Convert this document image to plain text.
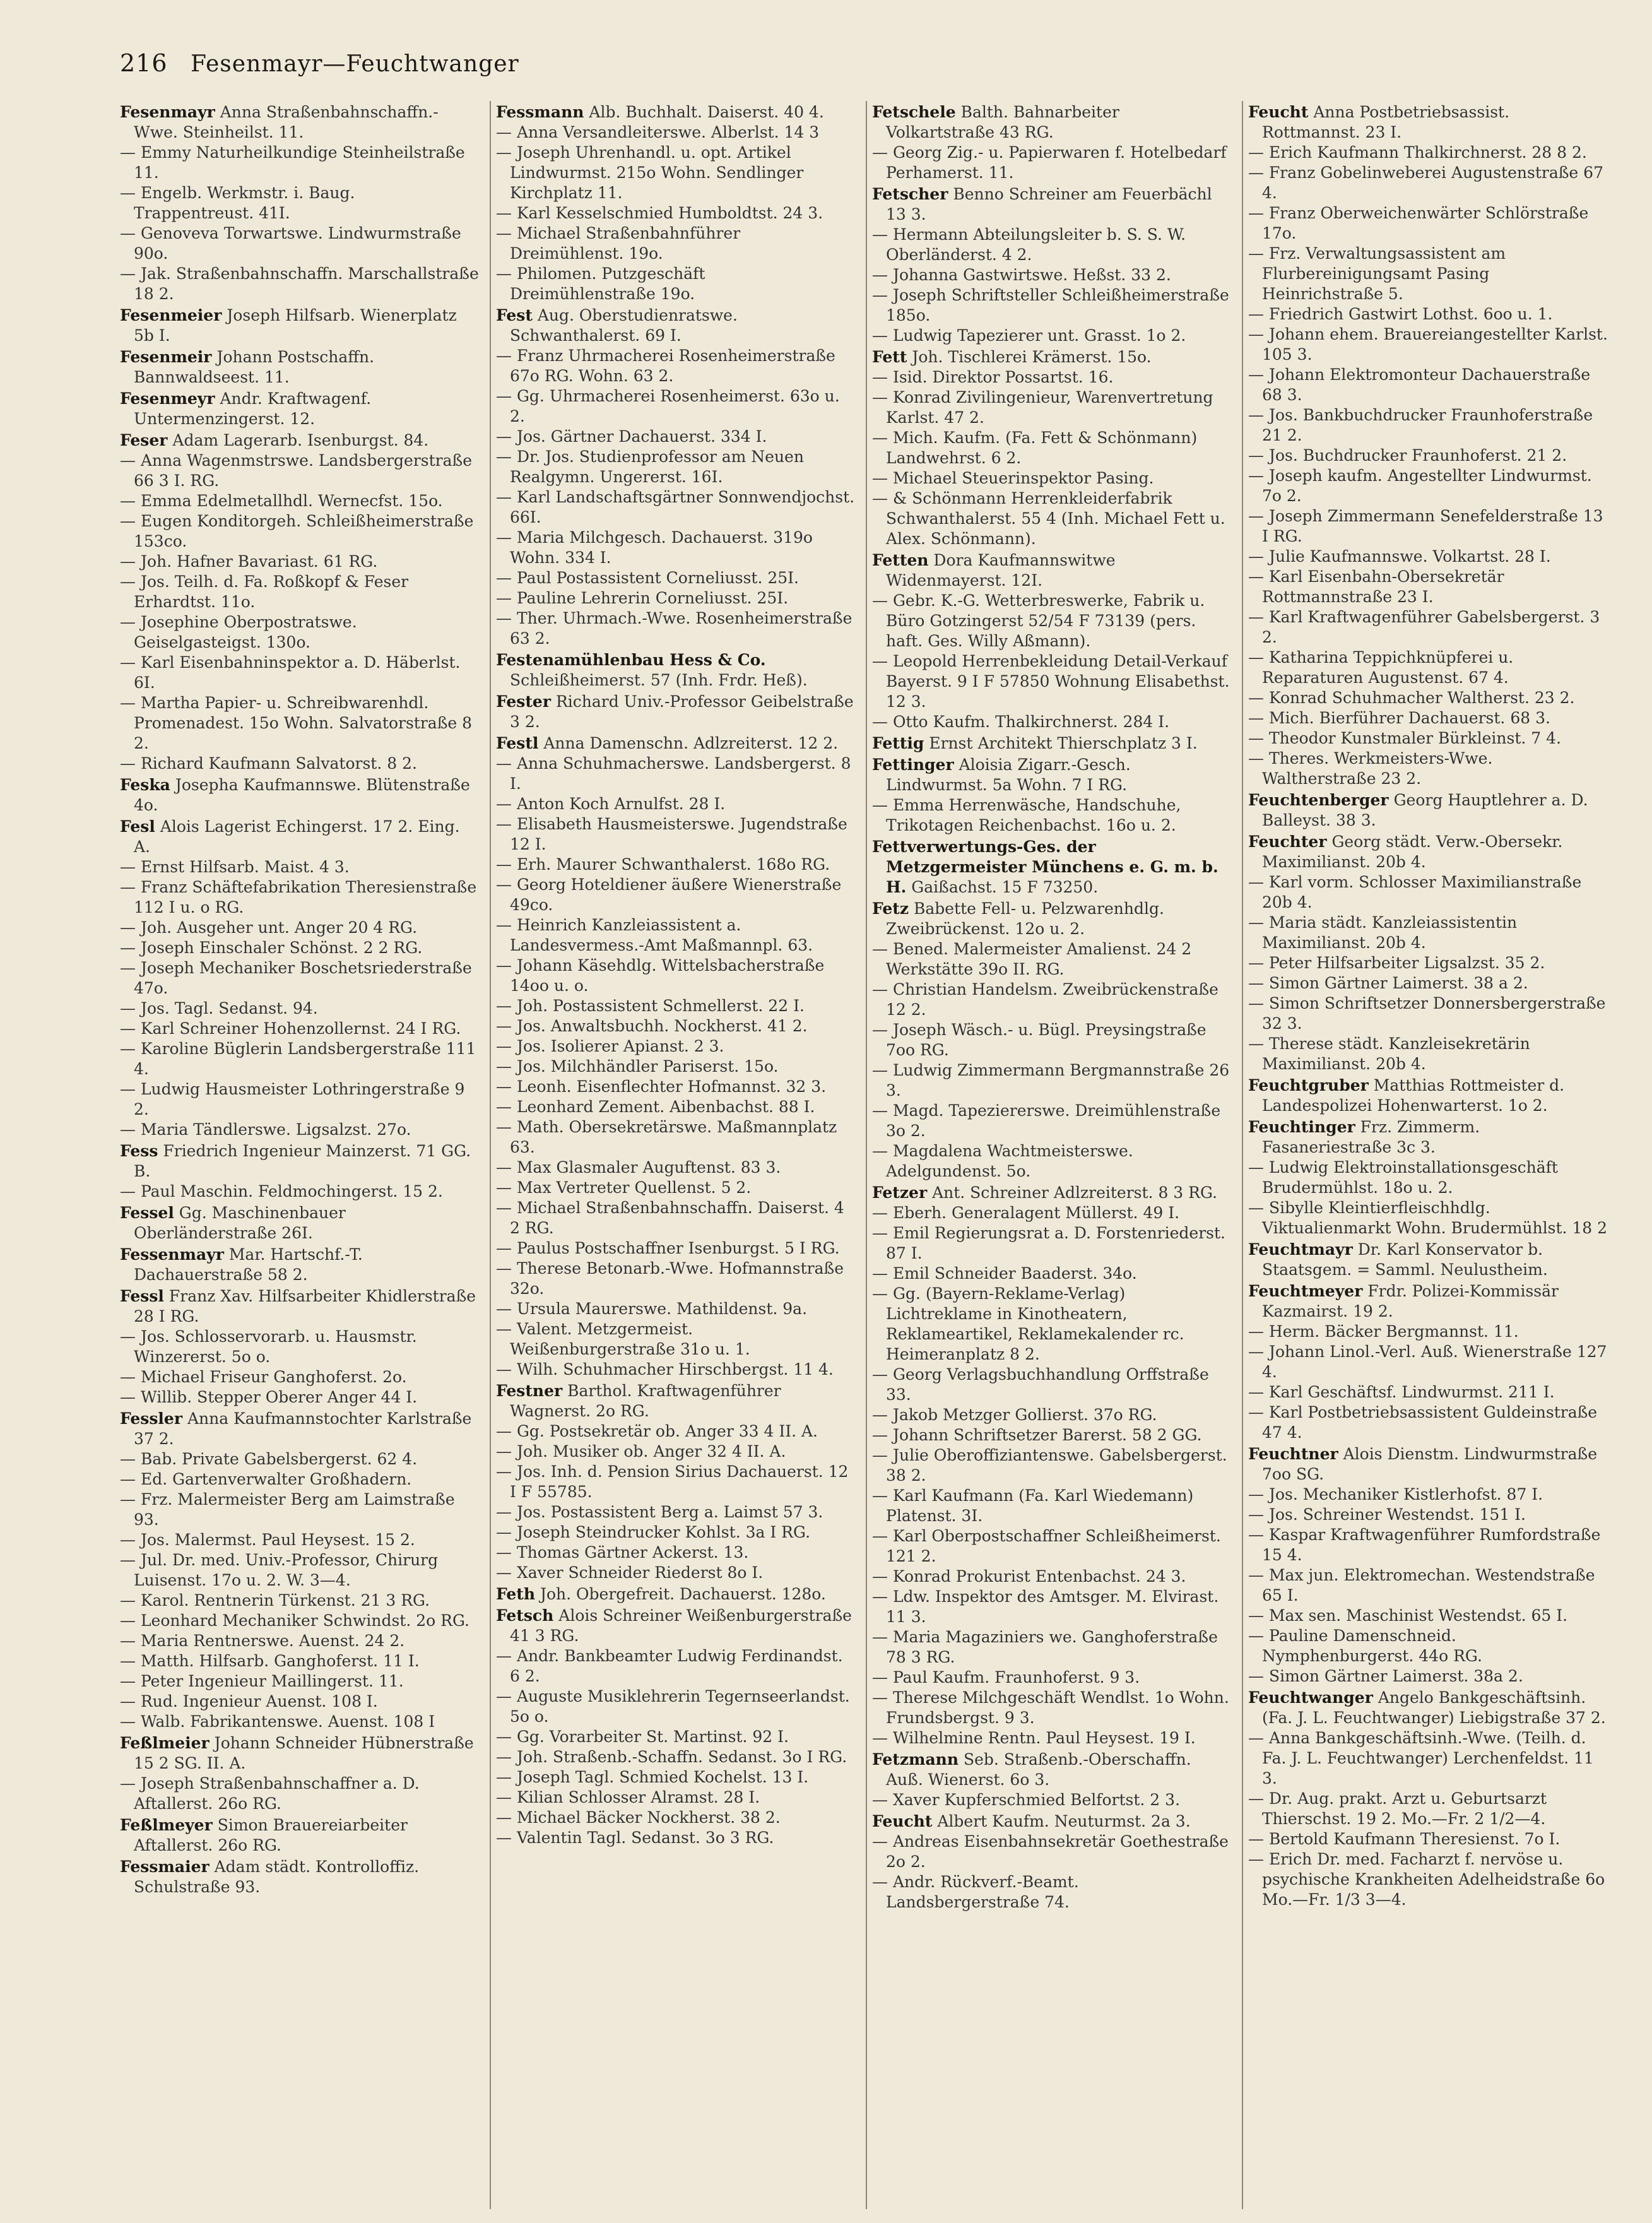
216 Fesenmayr—Feuchtwanger

Fesenmayr Anna Straßenbahnschaffn.-Wwe. Steinheilst. 11.

— Emmy Naturheilkundige Steinheilstraße 11.

— Engelb. Werkmstr. i. Baug. Trappentreust. 41I.

— Genoveva Torwartswe. Lindwurmstraße 90o.

— Jak. Straßenbahnschaffn. Marschallstraße 18 2.

Fesenmeier Joseph Hilfsarb. Wienerplatz 5b I.

Fesenmeir Johann Postschaffn. Bannwaldseest. 11.

Fesenmeyr Andr. Kraftwagenf. Untermenzingerst. 12.

Feser Adam Lagerarb. Isenburgst. 84.

— Anna Wagenmstrswe. Landsbergerstraße 66 3 I. RG.

— Emma Edelmetallhdl. Wernecfst. 15o.

— Eugen Konditorgeh. Schleißheimerstraße 153co.

— Joh. Hafner Bavariast. 61 RG.

— Jos. Teilh. d. Fa. Roßkopf & Feser Erhardtst. 11o.

— Josephine Oberpostratswe. Geiselgasteigst. 130o.

— Karl Eisenbahninspektor a. D. Häberlst. 6I.

— Martha Papier- u. Schreibwarenhdl. Promenadest. 15o Wohn. Salvatorstraße 8 2.

— Richard Kaufmann Salvatorst. 8 2.

Feska Josepha Kaufmannswe. Blütenstraße 4o.

Fesl Alois Lagerist Echingerst. 17 2. Eing. A.

— Ernst Hilfsarb. Maist. 4 3.

— Franz Schäftefabrikation Theresienstraße 112 I u. o RG.

— Joh. Ausgeher unt. Anger 20 4 RG.

— Joseph Einschaler Schönst. 2 2 RG.

— Joseph Mechaniker Boschetsriederstraße 47o.

— Jos. Tagl. Sedanst. 94.

— Karl Schreiner Hohenzollernst. 24 I RG.

— Karoline Büglerin Landsbergerstraße 111 4.

— Ludwig Hausmeister Lothringerstraße 9 2.

— Maria Tändlerswe. Ligsalzst. 27o.

Fess Friedrich Ingenieur Mainzerst. 71 GG. B.

— Paul Maschin. Feldmochingerst. 15 2.

Fessel Gg. Maschinenbauer Oberländerstraße 26I.

Fessenmayr Mar. Hartschf.-T. Dachauerstraße 58 2.

Fessl Franz Xav. Hilfsarbeiter Khidlerstraße 28 I RG.

— Jos. Schlosservorarb. u. Hausmstr. Winzererst. 5o o.

— Michael Friseur Ganghoferst. 2o.

— Willib. Stepper Oberer Anger 44 I.

Fessler Anna Kaufmannstochter Karlstraße 37 2.

— Bab. Private Gabelsbergerst. 62 4.

— Ed. Gartenverwalter Großhadern.

— Frz. Malermeister Berg am Laimstraße 93.

— Jos. Malermst. Paul Heysest. 15 2.

— Jul. Dr. med. Univ.-Professor, Chirurg Luisenst. 17o u. 2. W. 3—4.

— Karol. Rentnerin Türkenst. 21 3 RG.

— Leonhard Mechaniker Schwindst. 2o RG.

— Maria Rentnerswe. Auenst. 24 2.

— Matth. Hilfsarb. Ganghoferst. 11 I.

— Peter Ingenieur Maillingerst. 11.

— Rud. Ingenieur Auenst. 108 I.

— Walb. Fabrikantenswe. Auenst. 108 I

Feßlmeier Johann Schneider Hübnerstraße 15 2 SG. II. A.

— Joseph Straßenbahnschaffner a. D. Aftallerst. 26o RG.

Feßlmeyer Simon Brauereiarbeiter Aftallerst. 26o RG.

Fessmaier Adam städt. Kontrolloffiz. Schulstraße 93.

Fessmann Alb. Buchhalt. Daiserst. 40 4.

— Anna Versandleiterswe. Alberlst. 14 3

— Joseph Uhrenhandl. u. opt. Artikel Lindwurmst. 215o Wohn. Sendlinger Kirchplatz 11.

— Karl Kesselschmied Humboldtst. 24 3.

— Michael Straßenbahnführer Dreimühlenst. 19o.

— Philomen. Putzgeschäft Dreimühlenstraße 19o.

Fest Aug. Oberstudienratswe. Schwanthalerst. 69 I.

— Franz Uhrmacherei Rosenheimerstraße 67o RG. Wohn. 63 2.

— Gg. Uhrmacherei Rosenheimerst. 63o u. 2.

— Jos. Gärtner Dachauerst. 334 I.

— Dr. Jos. Studienprofessor am Neuen Realgymn. Ungererst. 16I.

— Karl Landschaftsgärtner Sonnwendjochst. 66I.

— Maria Milchgesch. Dachauerst. 319o Wohn. 334 I.

— Paul Postassistent Corneliusst. 25I.

— Pauline Lehrerin Corneliusst. 25I.

— Ther. Uhrmach.-Wwe. Rosenheimerstraße 63 2.

Festenamühlenbau Hess & Co. Schleißheimerst. 57 (Inh. Frdr. Heß).

Fester Richard Univ.-Professor Geibelstraße 3 2.

Festl Anna Damenschn. Adlzreiterst. 12 2.

— Anna Schuhmacherswe. Landsbergerst. 8 I.

— Anton Koch Arnulfst. 28 I.

— Elisabeth Hausmeisterswe. Jugendstraße 12 I.

— Erh. Maurer Schwanthalerst. 168o RG.

— Georg Hoteldiener äußere Wienerstraße 49co.

— Heinrich Kanzleiassistent a. Landesvermess.-Amt Maßmannpl. 63.

— Johann Käsehdlg. Wittelsbacherstraße 14oo u. o.

— Joh. Postassistent Schmellerst. 22 I.

— Jos. Anwaltsbuchh. Nockherst. 41 2.

— Jos. Isolierer Apianst. 2 3.

— Jos. Milchhändler Pariserst. 15o.

— Leonh. Eisenflechter Hofmannst. 32 3.

— Leonhard Zement. Aibenbachst. 88 I.

— Math. Obersekretärswe. Maßmannplatz 63.

— Max Glasmaler Auguftenst. 83 3.

— Max Vertreter Quellenst. 5 2.

— Michael Straßenbahnschaffn. Daiserst. 4 2 RG.

— Paulus Postschaffner Isenburgst. 5 I RG.

— Therese Betonarb.-Wwe. Hofmannstraße 32o.

— Ursula Maurerswe. Mathildenst. 9a.

— Valent. Metzgermeist. Weißenburgerstraße 31o u. 1.

— Wilh. Schuhmacher Hirschbergst. 11 4.

Festner Barthol. Kraftwagenführer Wagnerst. 2o RG.

— Gg. Postsekretär ob. Anger 33 4 II. A.

— Joh. Musiker ob. Anger 32 4 II. A.

— Jos. Inh. d. Pension Sirius Dachauerst. 12 I F 55785.

— Jos. Postassistent Berg a. Laimst 57 3.

— Joseph Steindrucker Kohlst. 3a I RG.

— Thomas Gärtner Ackerst. 13.

— Xaver Schneider Riederst 8o I.

Feth Joh. Obergefreit. Dachauerst. 128o.

Fetsch Alois Schreiner Weißenburgerstraße 41 3 RG.

— Andr. Bankbeamter Ludwig Ferdinandst. 6 2.

— Auguste Musiklehrerin Tegernseerlandst. 5o o.

— Gg. Vorarbeiter St. Martinst. 92 I.

— Joh. Straßenb.-Schaffn. Sedanst. 3o I RG.

— Joseph Tagl. Schmied Kochelst. 13 I.

— Kilian Schlosser Alramst. 28 I.

— Michael Bäcker Nockherst. 38 2.

— Valentin Tagl. Sedanst. 3o 3 RG.

Fetschele Balth. Bahnarbeiter Volkartstraße 43 RG.

— Georg Zig.- u. Papierwaren f. Hotelbedarf Perhamerst. 11.

Fetscher Benno Schreiner am Feuerbächl 13 3.

— Hermann Abteilungsleiter b. S. S. W. Oberländerst. 4 2.

— Johanna Gastwirtswe. Heßst. 33 2.

— Joseph Schriftsteller Schleißheimerstraße 185o.

— Ludwig Tapezierer unt. Grasst. 1o 2.

Fett Joh. Tischlerei Krämerst. 15o.

— Isid. Direktor Possartst. 16.

— Konrad Zivilingenieur, Warenvertretung Karlst. 47 2.

— Mich. Kaufm. (Fa. Fett & Schönmann) Landwehrst. 6 2.

— Michael Steuerinspektor Pasing.

— & Schönmann Herrenkleiderfabrik Schwanthalerst. 55 4 (Inh. Michael Fett u. Alex. Schönmann).

Fetten Dora Kaufmannswitwe Widenmayerst. 12I.

— Gebr. K.-G. Wetterbreswerke, Fabrik u. Büro Gotzingerst 52/54 F 73139 (pers. haft. Ges. Willy Aßmann).

— Leopold Herrenbekleidung Detail-Verkauf Bayerst. 9 I F 57850 Wohnung Elisabethst. 12 3.

— Otto Kaufm. Thalkirchnerst. 284 I.

Fettig Ernst Architekt Thierschplatz 3 I.

Fettinger Aloisia Zigarr.-Gesch. Lindwurmst. 5a Wohn. 7 I RG.

— Emma Herrenwäsche, Handschuhe, Trikotagen Reichenbachst. 16o u. 2.

Fettverwertungs-Ges. der Metzgermeister Münchens e. G. m. b. H. Gaißachst. 15 F 73250.

Fetz Babette Fell- u. Pelzwarenhdlg. Zweibrückenst. 12o u. 2.

— Bened. Malermeister Amalienst. 24 2 Werkstätte 39o II. RG.

— Christian Handelsm. Zweibrückenstraße 12 2.

— Joseph Wäsch.- u. Bügl. Preysingstraße 7oo RG.

— Ludwig Zimmermann Bergmannstraße 26 3.

— Magd. Tapeziererswe. Dreimühlenstraße 3o 2.

— Magdalena Wachtmeisterswe. Adelgundenst. 5o.

Fetzer Ant. Schreiner Adlzreiterst. 8 3 RG.

— Eberh. Generalagent Müllerst. 49 I.

— Emil Regierungsrat a. D. Forstenriederst. 87 I.

— Emil Schneider Baaderst. 34o.

— Gg. (Bayern-Reklame-Verlag) Lichtreklame in Kinotheatern, Reklameartikel, Reklamekalender rc. Heimeranplatz 8 2.

— Georg Verlagsbuchhandlung Orffstraße 33.

— Jakob Metzger Gollierst. 37o RG.

— Johann Schriftsetzer Barerst. 58 2 GG.

— Julie Oberoffiziantenswe. Gabelsbergerst. 38 2.

— Karl Kaufmann (Fa. Karl Wiedemann) Platenst. 3I.

— Karl Oberpostschaffner Schleißheimerst. 121 2.

— Konrad Prokurist Entenbachst. 24 3.

— Ldw. Inspektor des Amtsger. M. Elvirast. 11 3.

— Maria Magaziniers we. Ganghoferstraße 78 3 RG.

— Paul Kaufm. Fraunhoferst. 9 3.

— Therese Milchgeschäft Wendlst. 1o Wohn. Frundsbergst. 9 3.

— Wilhelmine Rentn. Paul Heysest. 19 I.

Fetzmann Seb. Straßenb.-Oberschaffn. Auß. Wienerst. 6o 3.

— Xaver Kupferschmied Belfortst. 2 3.

Feucht Albert Kaufm. Neuturmst. 2a 3.

— Andreas Eisenbahnsekretär Goethestraße 2o 2.

— Andr. Rückverf.-Beamt. Landsbergerstraße 74.

Feucht Anna Postbetriebsassist. Rottmannst. 23 I.

— Erich Kaufmann Thalkirchnerst. 28 8 2.

— Franz Gobelinweberei Augustenstraße 67 4.

— Franz Oberweichenwärter Schlörstraße 17o.

— Frz. Verwaltungsassistent am Flurbereinigungsamt Pasing Heinrichstraße 5.

— Friedrich Gastwirt Lothst. 6oo u. 1.

— Johann ehem. Brauereiangestellter Karlst. 105 3.

— Johann Elektromonteur Dachauerstraße 68 3.

— Jos. Bankbuchdrucker Fraunhoferstraße 21 2.

— Jos. Buchdrucker Fraunhoferst. 21 2.

— Joseph kaufm. Angestellter Lindwurmst. 7o 2.

— Joseph Zimmermann Senefelderstraße 13 I RG.

— Julie Kaufmannswe. Volkartst. 28 I.

— Karl Eisenbahn-Obersekretär Rottmannstraße 23 I.

— Karl Kraftwagenführer Gabelsbergerst. 3 2.

— Katharina Teppichknüpferei u. Reparaturen Augustenst. 67 4.

— Konrad Schuhmacher Waltherst. 23 2.

— Mich. Bierführer Dachauerst. 68 3.

— Theodor Kunstmaler Bürkleinst. 7 4.

— Theres. Werkmeisters-Wwe. Waltherstraße 23 2.

Feuchtenberger Georg Hauptlehrer a. D. Balleyst. 38 3.

Feuchter Georg städt. Verw.-Obersekr. Maximilianst. 20b 4.

— Karl vorm. Schlosser Maximilianstraße 20b 4.

— Maria städt. Kanzleiassistentin Maximilianst. 20b 4.

— Peter Hilfsarbeiter Ligsalzst. 35 2.

— Simon Gärtner Laimerst. 38 a 2.

— Simon Schriftsetzer Donnersbergerstraße 32 3.

— Therese städt. Kanzleisekretärin Maximilianst. 20b 4.

Feuchtgruber Matthias Rottmeister d. Landespolizei Hohenwarterst. 1o 2.

Feuchtinger Frz. Zimmerm. Fasaneriestraße 3c 3.

— Ludwig Elektroinstallationsgeschäft Brudermühlst. 18o u. 2.

— Sibylle Kleintierfleischhdlg. Viktualienmarkt Wohn. Brudermühlst. 18 2

Feuchtmayr Dr. Karl Konservator b. Staatsgem. = Samml. Neulustheim.

Feuchtmeyer Frdr. Polizei-Kommissär Kazmairst. 19 2.

— Herm. Bäcker Bergmannst. 11.

— Johann Linol.-Verl. Auß. Wienerstraße 127 4.

— Karl Geschäftsf. Lindwurmst. 211 I.

— Karl Postbetriebsassistent Guldeinstraße 47 4.

Feuchtner Alois Dienstm. Lindwurmstraße 7oo SG.

— Jos. Mechaniker Kistlerhofst. 87 I.

— Jos. Schreiner Westendst. 151 I.

— Kaspar Kraftwagenführer Rumfordstraße 15 4.

— Max jun. Elektromechan. Westendstraße 65 I.

— Max sen. Maschinist Westendst. 65 I.

— Pauline Damenschneid. Nymphenburgerst. 44o RG.

— Simon Gärtner Laimerst. 38a 2.

Feuchtwanger Angelo Bankgeschäftsinh. (Fa. J. L. Feuchtwanger) Liebigstraße 37 2.

— Anna Bankgeschäftsinh.-Wwe. (Teilh. d. Fa. J. L. Feuchtwanger) Lerchenfeldst. 11 3.

— Dr. Aug. prakt. Arzt u. Geburtsarzt Thierschst. 19 2. Mo.—Fr. 2 1/2—4.

— Bertold Kaufmann Theresienst. 7o I.

— Erich Dr. med. Facharzt f. nervöse u. psychische Krankheiten Adelheidstraße 6o Mo.—Fr. 1/3 3—4.
